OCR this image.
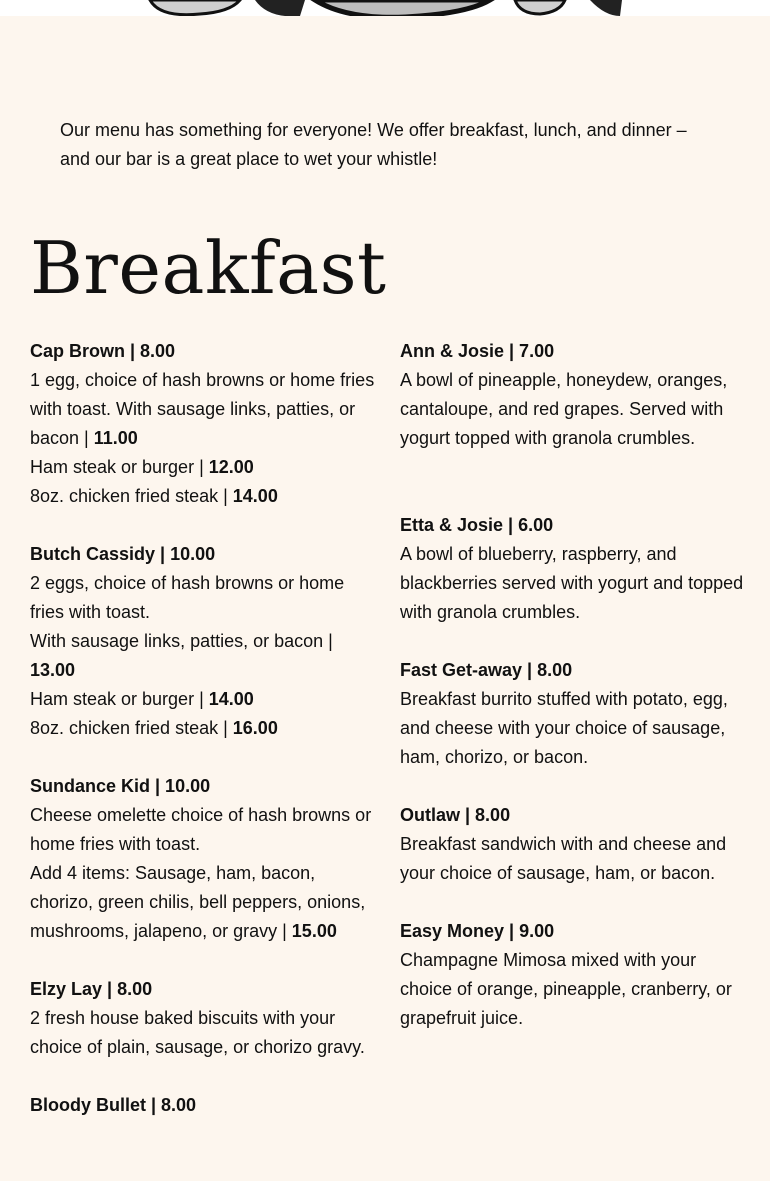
Our menu has something for everyone! We offer breakfast, lunch, and dinner – and our bar is a great place to wet your whistle!

Breakfast

Cap Brown | 8.00

1 egg, choice of hash browns or home fries with toast. With sausage links, patties, or bacon | 11.00

Ham steak or burger | 12.00

8oz. chicken fried steak | 14.00

Butch Cassidy | 10.00

2 eggs, choice of hash browns or home fries with toast.

With sausage links, patties, or bacon | 13.00

Ham steak or burger | 14.00

8oz. chicken fried steak | 16.00

Sundance Kid | 10.00

Cheese omelette choice of hash browns or home fries with toast.

Add 4 items: Sausage, ham, bacon, chorizo, green chilis, bell peppers, onions, mushrooms, jalapeno, or gravy | 15.00

Elzy Lay | 8.00

2 fresh house baked biscuits with your choice of plain, sausage, or chorizo gravy.

Bloody Bullet | 8.00

Ann & Josie | 7.00

A bowl of pineapple, honeydew, oranges, cantaloupe, and red grapes. Served with yogurt topped with granola crumbles.

Etta & Josie | 6.00

A bowl of blueberry, raspberry, and blackberries served with yogurt and topped with granola crumbles.

Fast Get-away | 8.00

Breakfast burrito stuffed with potato, egg, and cheese with your choice of sausage, ham, chorizo, or bacon.

Outlaw | 8.00

Breakfast sandwich with and cheese and your choice of sausage, ham, or bacon.

Easy Money | 9.00

Champagne Mimosa mixed with your choice of orange, pineapple, cranberry, or grapefruit juice.
